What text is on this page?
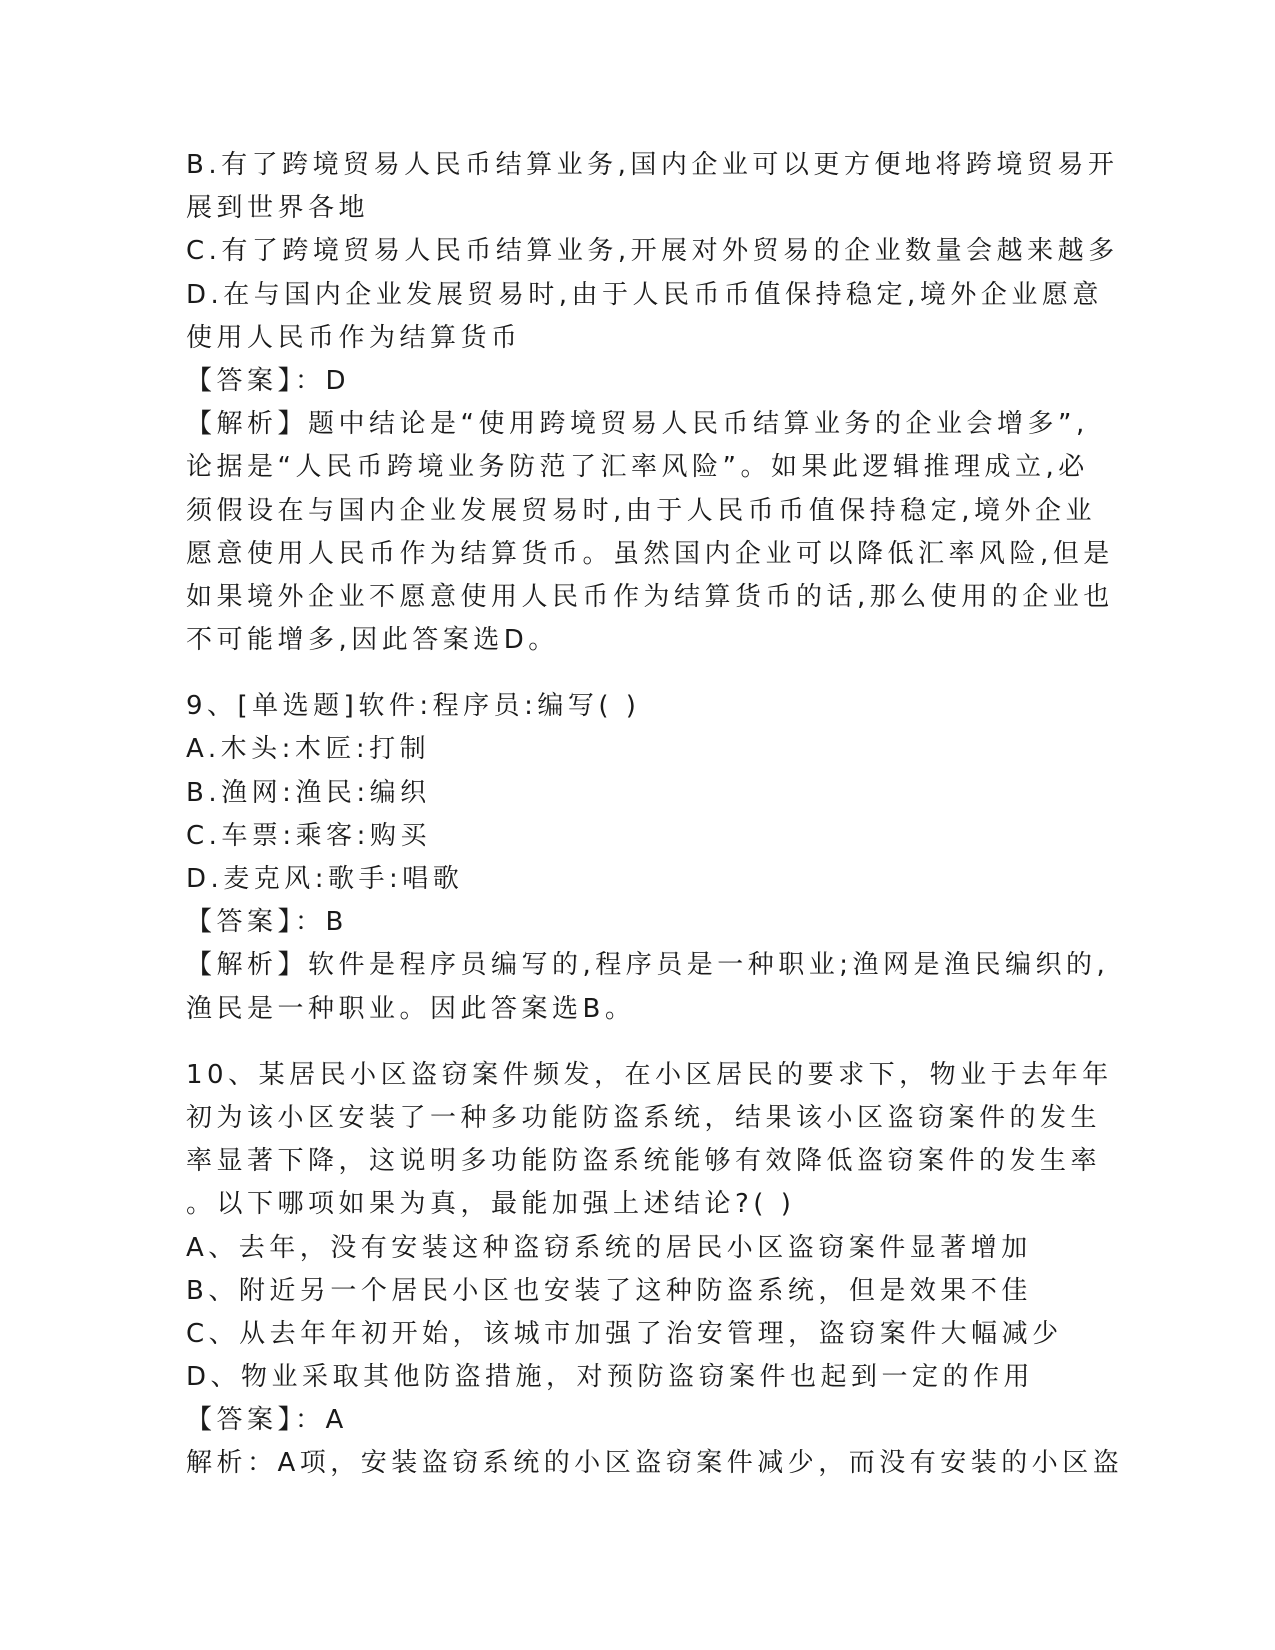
B.有了跨境贸易人民币结算业务,国内企业可以更方便地将跨境贸易开

展到世界各地

C.有了跨境贸易人民币结算业务,开展对外贸易的企业数量会越来越多

D.在与国内企业发展贸易时,由于人民币币值保持稳定,境外企业愿意

使用人民币作为结算货币

【答案】：D

【解析】题中结论是“使用跨境贸易人民币结算业务的企业会增多”,

论据是“人民币跨境业务防范了汇率风险”。如果此逻辑推理成立,必

须假设在与国内企业发展贸易时,由于人民币币值保持稳定,境外企业

愿意使用人民币作为结算货币。虽然国内企业可以降低汇率风险,但是

如果境外企业不愿意使用人民币作为结算货币的话,那么使用的企业也

不可能增多,因此答案选D。

9、[单选题]软件:程序员:编写( )

A.木头:木匠:打制

B.渔网:渔民:编织

C.车票:乘客:购买

D.麦克风:歌手:唱歌

【答案】：B

【解析】软件是程序员编写的,程序员是一种职业;渔网是渔民编织的,

渔民是一种职业。因此答案选B。

10、某居民小区盗窃案件频发，在小区居民的要求下，物业于去年年

初为该小区安装了一种多功能防盗系统，结果该小区盗窃案件的发生

率显著下降，这说明多功能防盗系统能够有效降低盗窃案件的发生率

。以下哪项如果为真，最能加强上述结论?( )

A、去年，没有安装这种盗窃系统的居民小区盗窃案件显著增加

B、附近另一个居民小区也安装了这种防盗系统，但是效果不佳

C、从去年年初开始，该城市加强了治安管理，盗窃案件大幅减少

D、物业采取其他防盗措施，对预防盗窃案件也起到一定的作用

【答案】：A

解析：A项，安装盗窃系统的小区盗窃案件减少，而没有安装的小区盗
